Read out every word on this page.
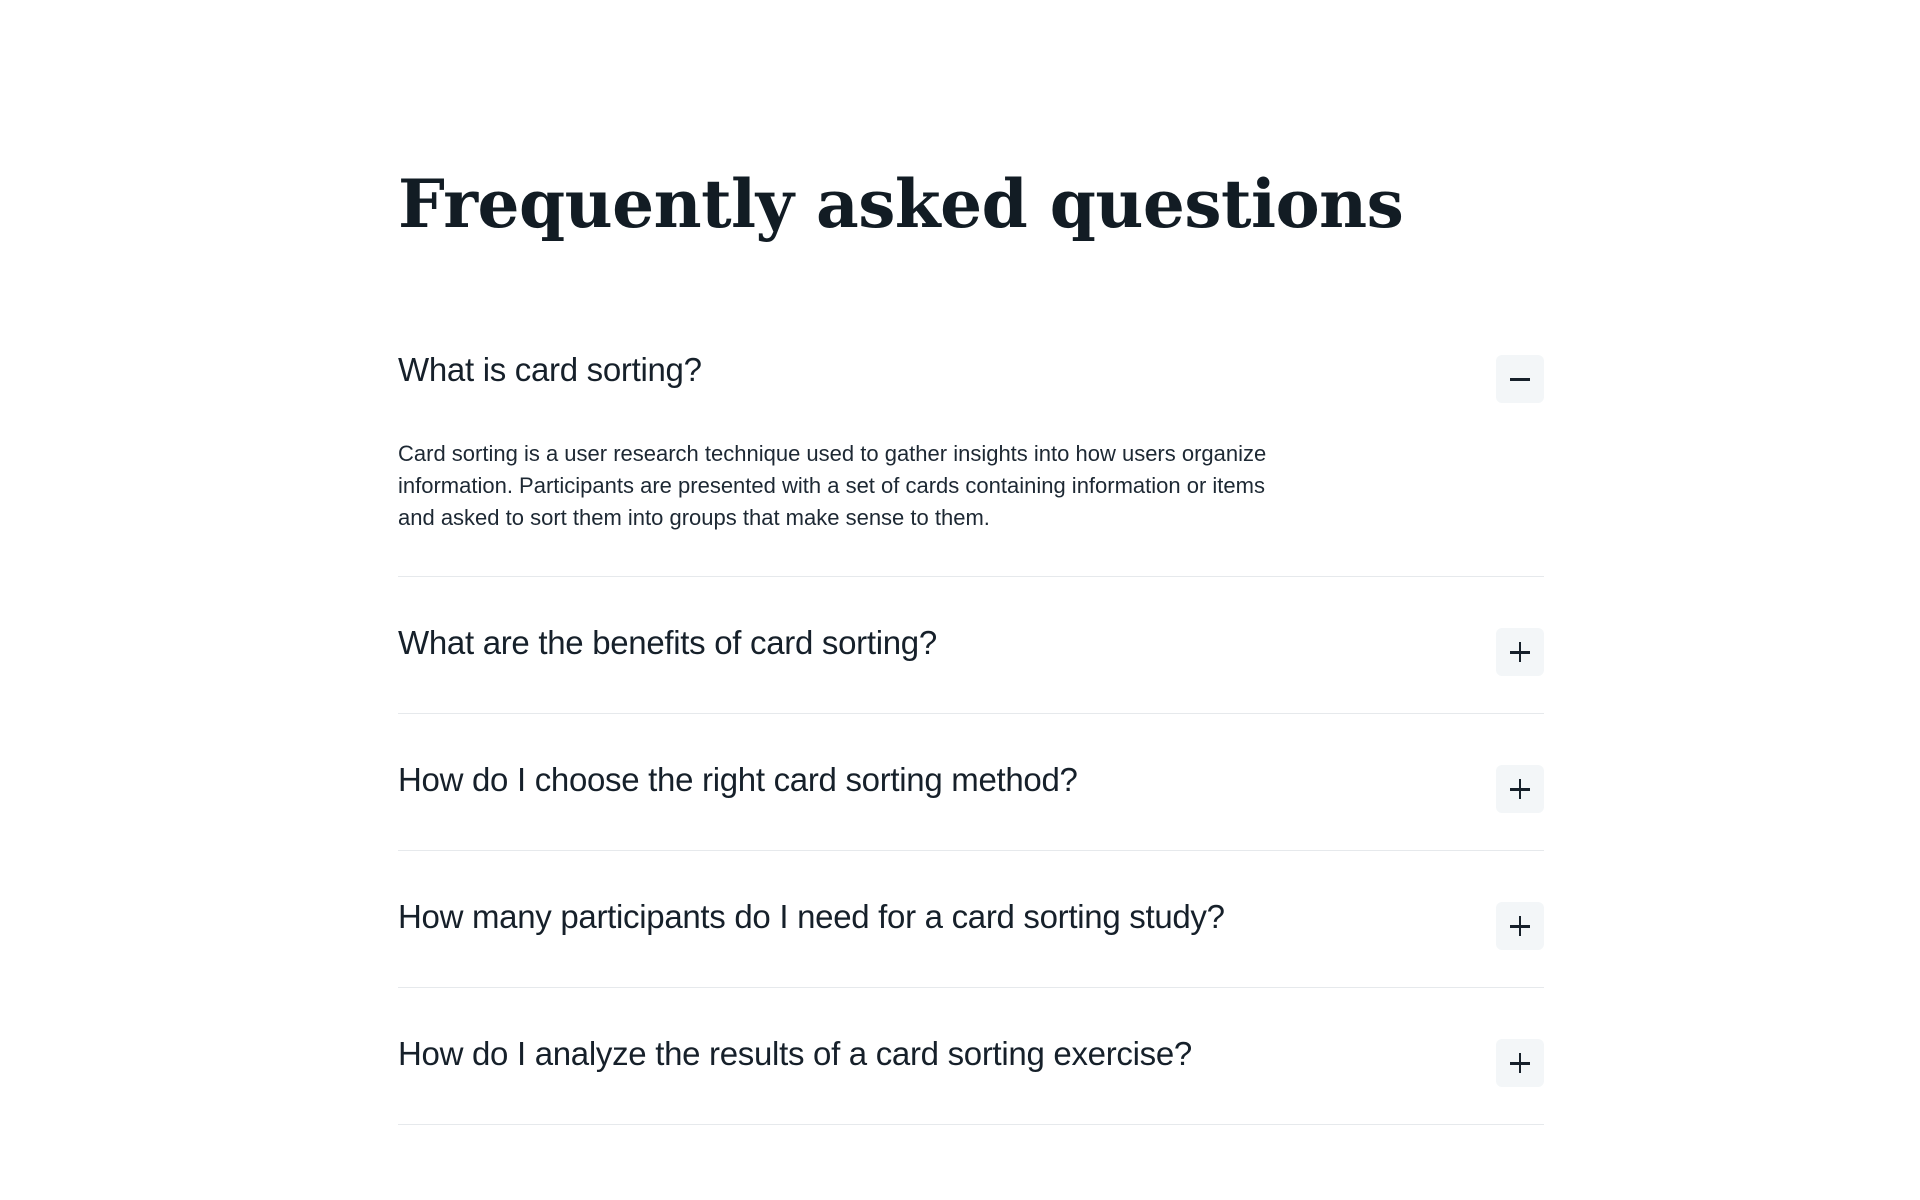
Frequently asked questions
What is card sorting?

Card sorting is a user research technique used to gather insights into how users organize information. Participants are presented with a set of cards containing information or items and asked to sort them into groups that make sense to them.

What are the benefits of card sorting?
How do I choose the right card sorting method?
How many participants do I need for a card sorting study?
How do I analyze the results of a card sorting exercise?
